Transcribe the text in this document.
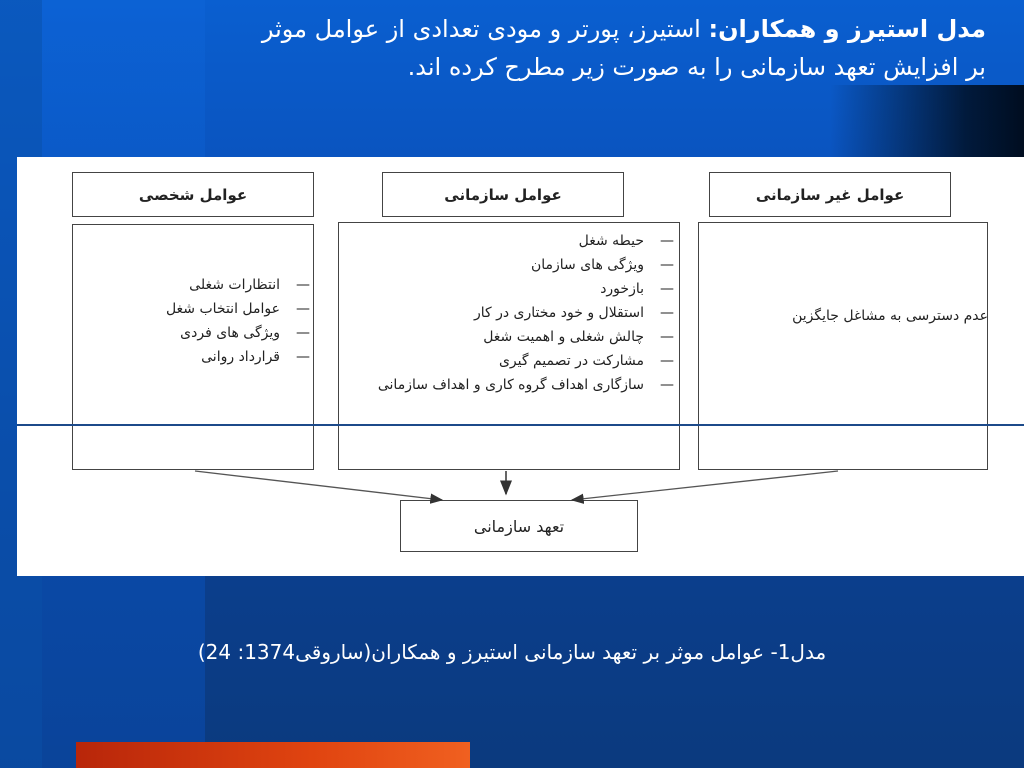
مدل استیرز و همکاران: استیرز، پورتر و مودی تعدادی از عوامل موثر
بر افزایش تعهد سازمانی را به صورت زیر مطرح کرده اند.
عوامل شخصی	عوامل سازمانی	عوامل غیر سازمانی
— انتظارات شغلی
— عوامل انتخاب شغل
— ویژگی های فردی
— قرارداد روانی
— حیطه شغل
— ویژگی های سازمان
— بازخورد
— استقلال و خود مختاری در کار
— چالش شغلی و اهمیت شغل
— مشارکت در تصمیم گیری
— سازگاری اهداف گروه کاری و اهداف سازمانی
عدم دسترسی به مشاغل جایگزین
تعهد سازمانی
مدل1- عوامل موثر بر تعهد سازمانی استیرز و همکاران(ساروقی1374: 24)
